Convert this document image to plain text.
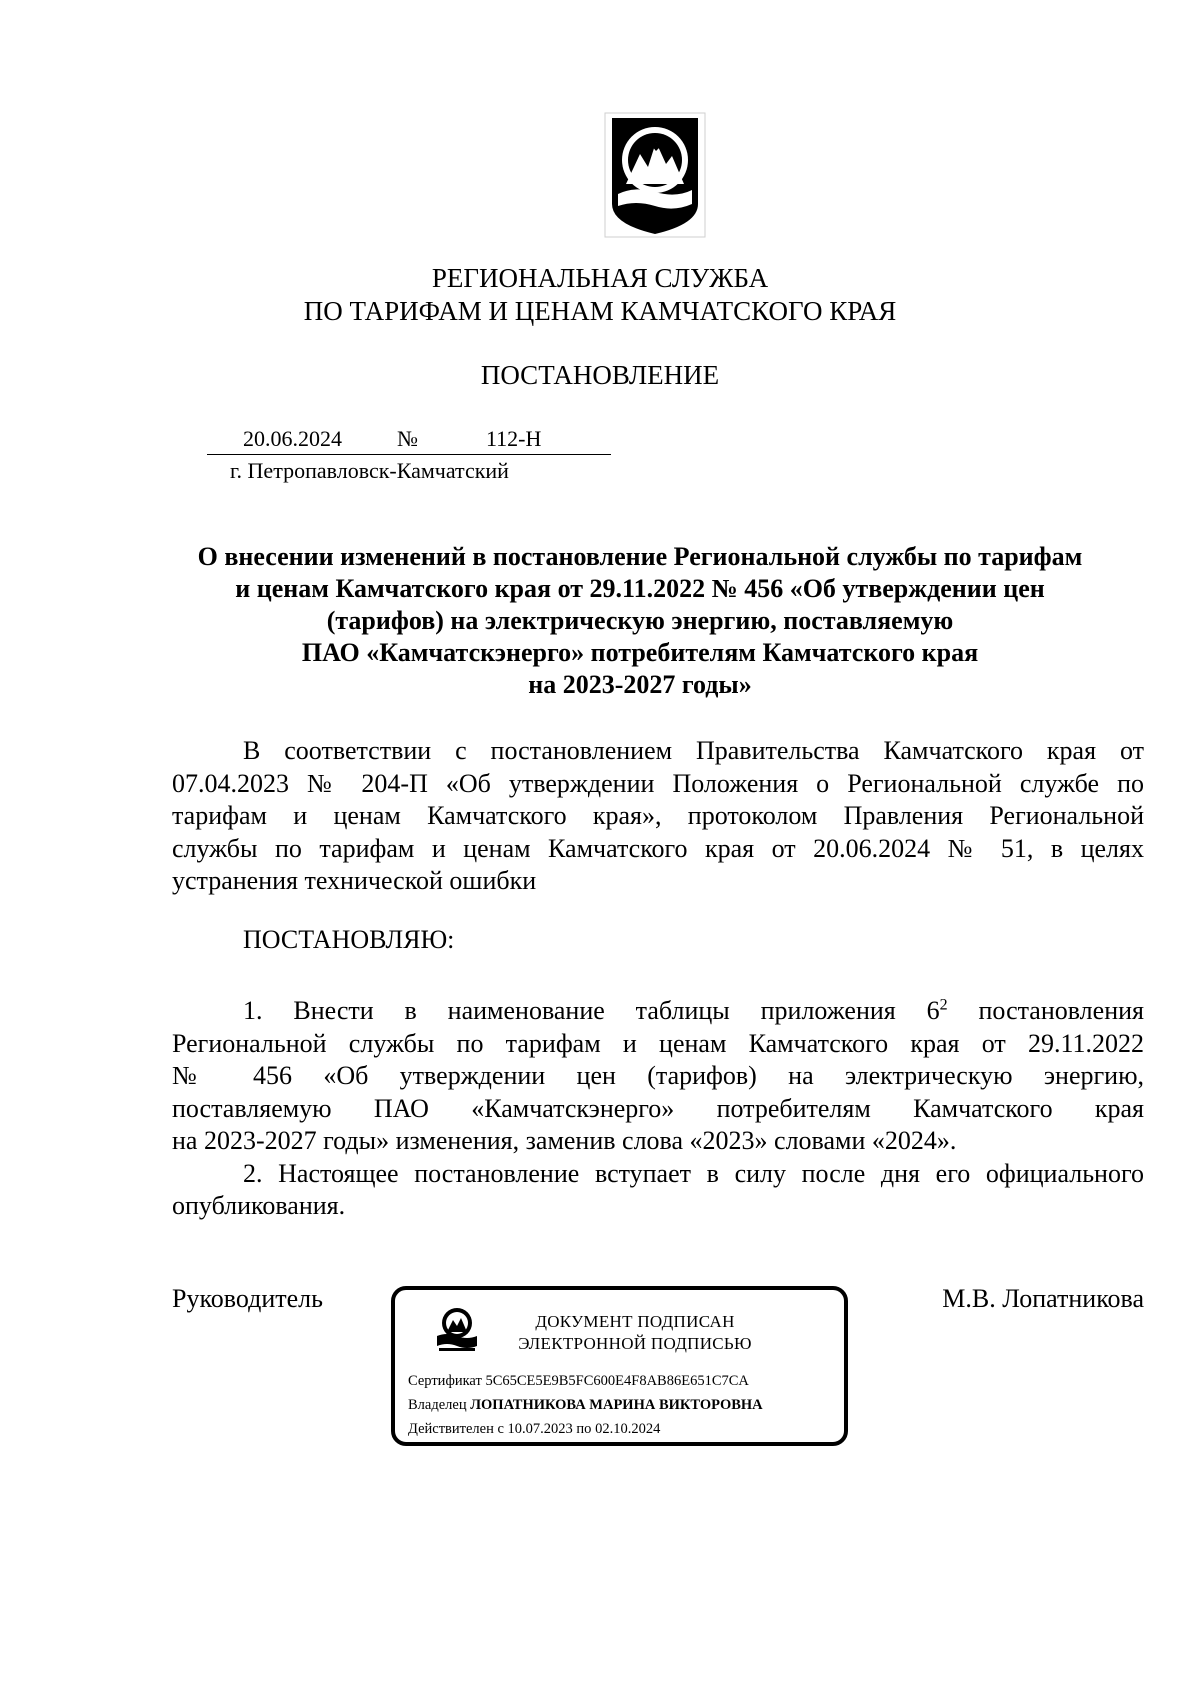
РЕГИОНАЛЬНАЯ СЛУЖБА
ПО ТАРИФАМ И ЦЕНАМ КАМЧАТСКОГО КРАЯ
ПОСТАНОВЛЕНИЕ
20.06.2024	№	112-Н
г. Петропавловск-Камчатский
О внесении изменений в постановление Региональной службы по тарифам
и ценам Камчатского края от 29.11.2022 № 456 «Об утверждении цен
(тарифов) на электрическую энергию, поставляемую
ПАО «Камчатскэнерго» потребителям Камчатского края
на 2023-2027 годы»
В соответствии с постановлением Правительства Камчатского края от
07.04.2023 № 204-П «Об утверждении Положения о Региональной службе по
тарифам и ценам Камчатского края», протоколом Правления Региональной
службы по тарифам и ценам Камчатского края от 20.06.2024 № 51, в целях
устранения технической ошибки
ПОСТАНОВЛЯЮ:
1. Внести в наименование таблицы приложения $6^2$ постановления
Региональной службы по тарифам и ценам Камчатского края от 29.11.2022
№ 456 «Об утверждении цен (тарифов) на электрическую энергию,
поставляемую ПАО «Камчатскэнерго» потребителям Камчатского края
на 2023-2027 годы» изменения, заменив слова «2023» словами «2024».
2. Настоящее постановление вступает в силу после дня его официального
опубликования.
Руководитель	М.В. Лопатникова
ДОКУМЕНТ ПОДПИСАН
ЭЛЕКТРОННОЙ ПОДПИСЬЮ
Сертификат 5C65CE5E9B5FC600E4F8AB86E651C7CA
Владелец ЛОПАТНИКОВА МАРИНА ВИКТОРОВНА
Действителен с 10.07.2023 по 02.10.2024
